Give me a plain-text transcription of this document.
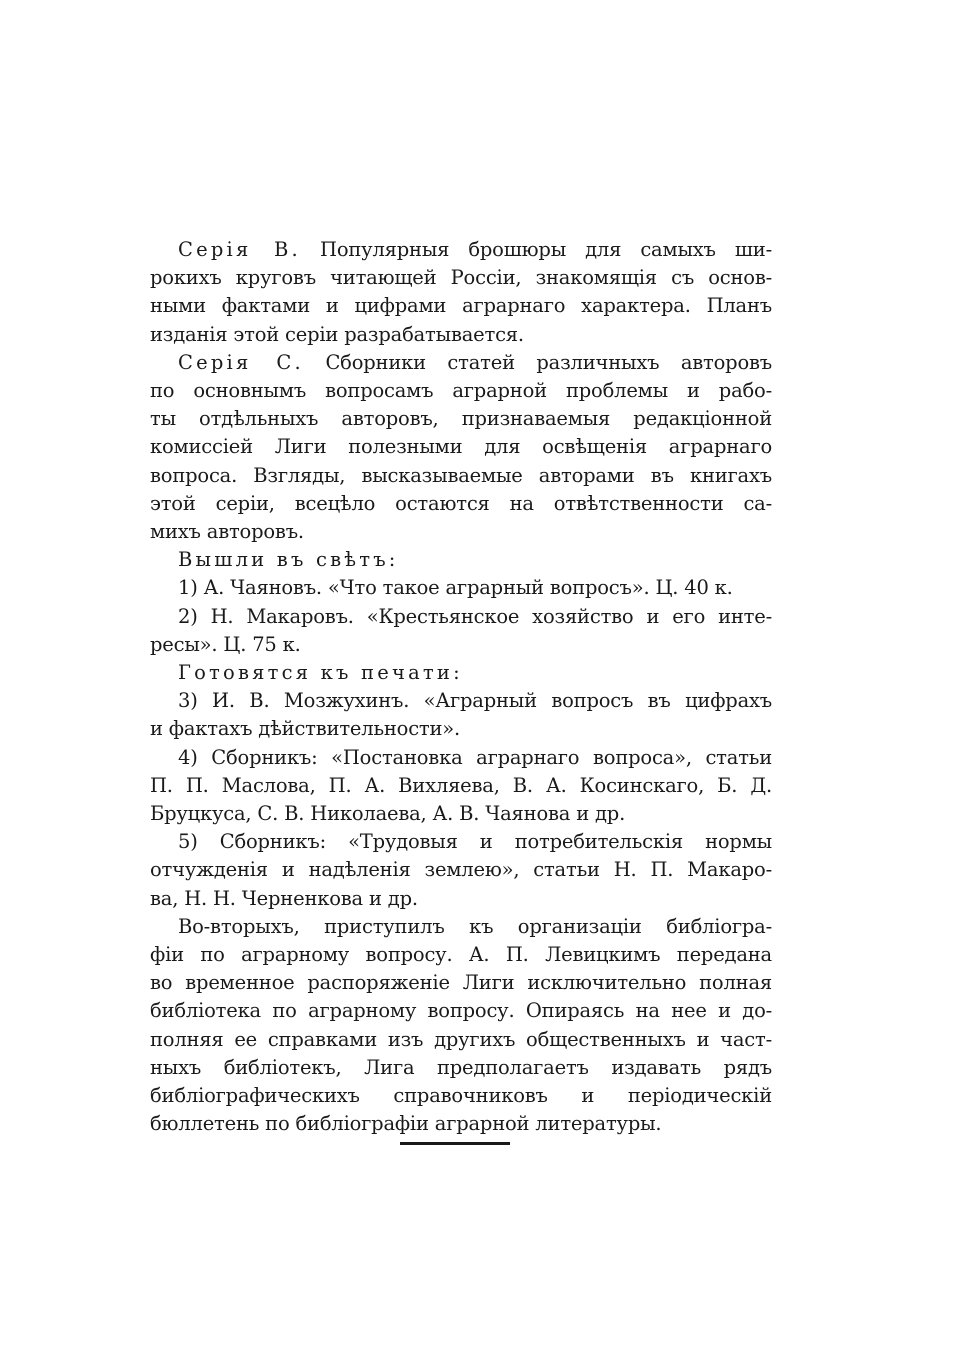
Серія В. Популярныя брошюры для самыхъ ши-
рокихъ круговъ читающей Россіи, знакомящія съ основ-
ными фактами и цифрами аграрнаго характера. Планъ
изданія этой серіи разрабатывается.
Серія С. Сборники статей различныхъ авторовъ
по основнымъ вопросамъ аграрной проблемы и рабо-
ты отдѣльныхъ авторовъ, признаваемыя редакціонной
комиссіей Лиги полезными для освѣщенія аграрнаго
вопроса. Взгляды, высказываемые авторами въ книгахъ
этой серіи, всецѣло остаются на отвѣтственности са-
михъ авторовъ.
Вышли въ свѣтъ:
1) А. Чаяновъ. «Что такое аграрный вопросъ». Ц. 40 к.
2) Н. Макаровъ. «Крестьянское хозяйство и его инте-
ресы». Ц. 75 к.
Готовятся къ печати:
3) И. В. Мозжухинъ. «Аграрный вопросъ въ цифрахъ
и фактахъ дѣйствительности».
4) Сборникъ: «Постановка аграрнаго вопроса», статьи
П. П. Маслова, П. А. Вихляева, В. А. Косинскаго, Б. Д.
Бруцкуса, С. В. Николаева, А. В. Чаянова и др.
5) Сборникъ: «Трудовыя и потребительскія нормы
отчужденія и надѣленія землею», статьи Н. П. Макаро-
ва, Н. Н. Черненкова и др.
Во-вторыхъ, приступилъ къ организаціи библіогра-
фіи по аграрному вопросу. А. П. Левицкимъ передана
во временное распоряженіе Лиги исключительно полная
библіотека по аграрному вопросу. Опираясь на нее и до-
полняя ее справками изъ другихъ общественныхъ и част-
ныхъ библіотекъ, Лига предполагаетъ издавать рядъ
библіографическихъ справочниковъ и періодическій
бюллетень по библіографіи аграрной литературы.
